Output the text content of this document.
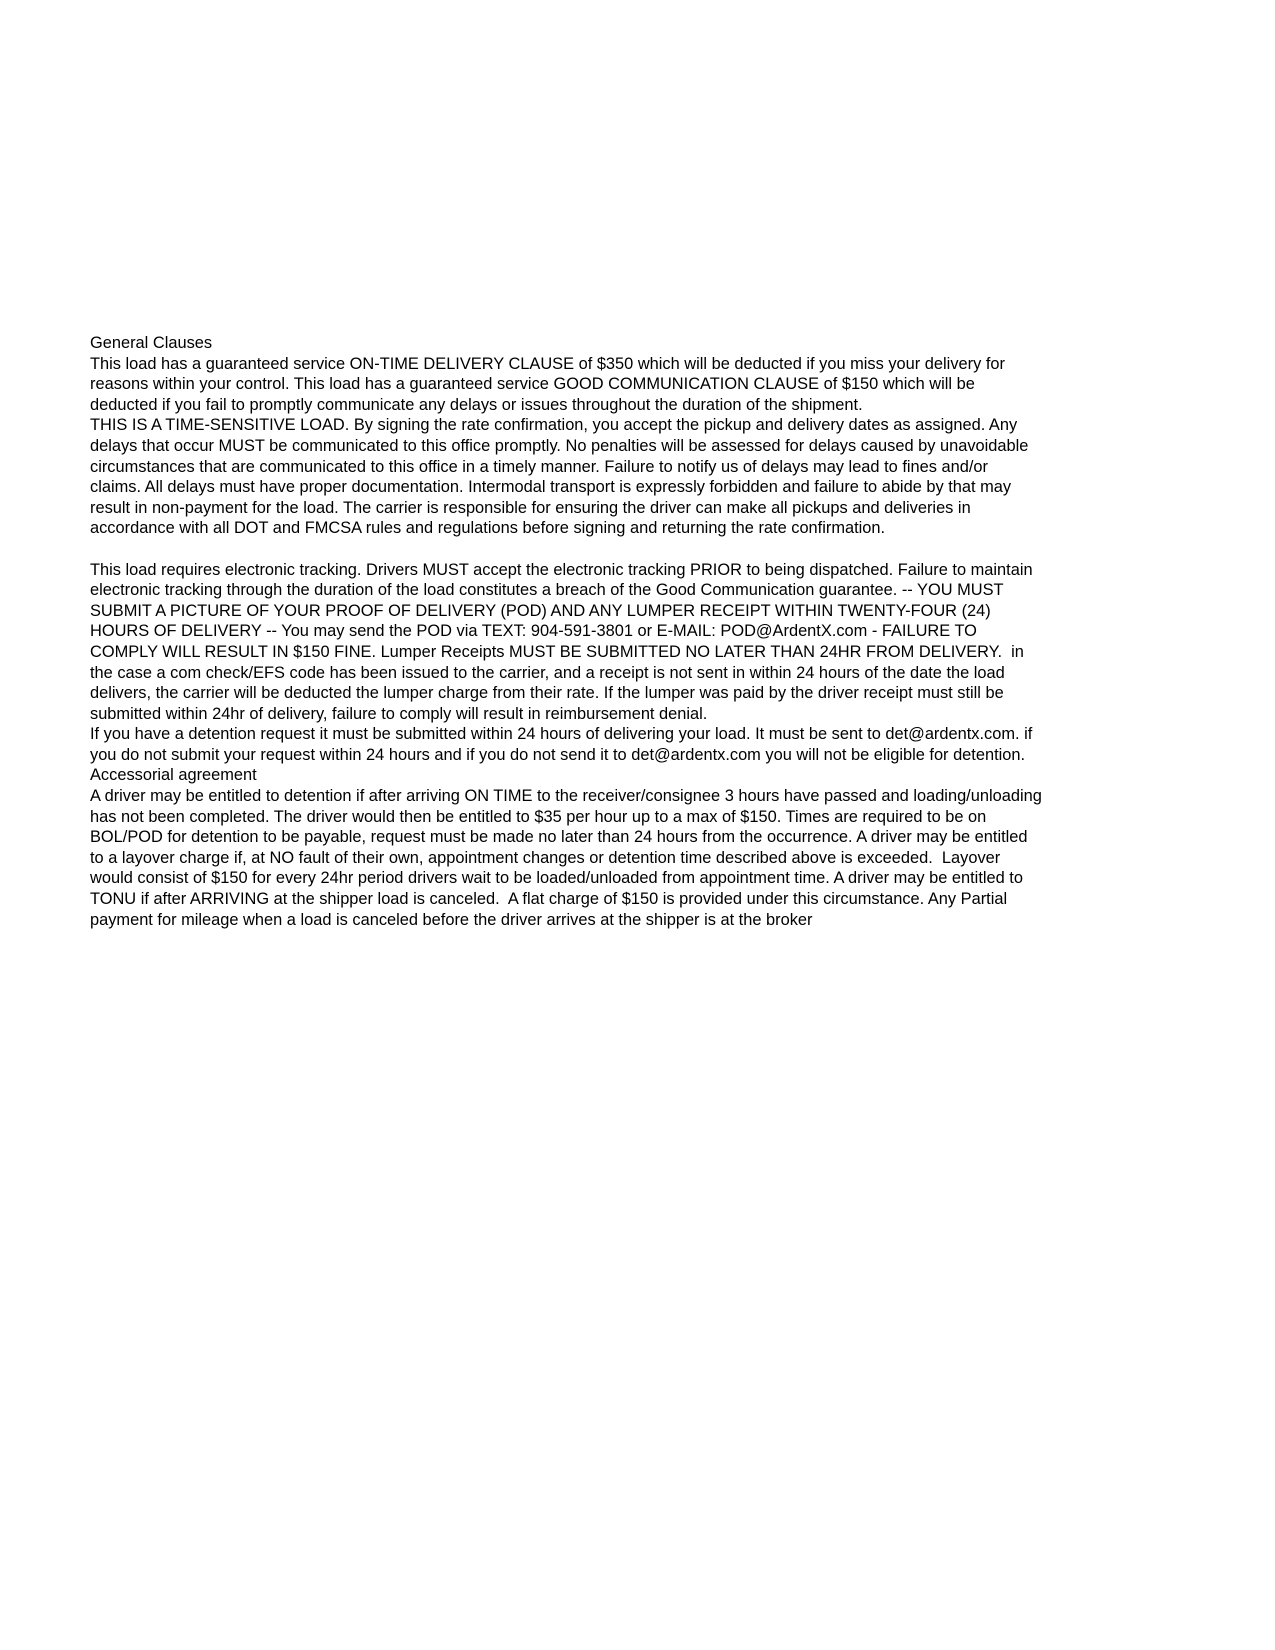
General Clauses
This load has a guaranteed service ON-TIME DELIVERY CLAUSE of $350 which will be deducted if you miss your delivery for
reasons within your control. This load has a guaranteed service GOOD COMMUNICATION CLAUSE of $150 which will be
deducted if you fail to promptly communicate any delays or issues throughout the duration of the shipment.
THIS IS A TIME-SENSITIVE LOAD. By signing the rate confirmation, you accept the pickup and delivery dates as assigned. Any
delays that occur MUST be communicated to this office promptly. No penalties will be assessed for delays caused by unavoidable
circumstances that are communicated to this office in a timely manner. Failure to notify us of delays may lead to fines and/or
claims. All delays must have proper documentation. Intermodal transport is expressly forbidden and failure to abide by that may
result in non-payment for the load. The carrier is responsible for ensuring the driver can make all pickups and deliveries in
accordance with all DOT and FMCSA rules and regulations before signing and returning the rate confirmation.
This load requires electronic tracking. Drivers MUST accept the electronic tracking PRIOR to being dispatched. Failure to maintain
electronic tracking through the duration of the load constitutes a breach of the Good Communication guarantee. -- YOU MUST
SUBMIT A PICTURE OF YOUR PROOF OF DELIVERY (POD) AND ANY LUMPER RECEIPT WITHIN TWENTY-FOUR (24)
HOURS OF DELIVERY -- You may send the POD via TEXT: 904-591-3801 or E-MAIL: POD@ArdentX.com - FAILURE TO
COMPLY WILL RESULT IN $150 FINE. Lumper Receipts MUST BE SUBMITTED NO LATER THAN 24HR FROM DELIVERY.  in
the case a com check/EFS code has been issued to the carrier, and a receipt is not sent in within 24 hours of the date the load
delivers, the carrier will be deducted the lumper charge from their rate. If the lumper was paid by the driver receipt must still be
submitted within 24hr of delivery, failure to comply will result in reimbursement denial.
If you have a detention request it must be submitted within 24 hours of delivering your load. It must be sent to det@ardentx.com. if
you do not submit your request within 24 hours and if you do not send it to det@ardentx.com you will not be eligible for detention.
Accessorial agreement
A driver may be entitled to detention if after arriving ON TIME to the receiver/consignee 3 hours have passed and loading/unloading
has not been completed. The driver would then be entitled to $35 per hour up to a max of $150. Times are required to be on
BOL/POD for detention to be payable, request must be made no later than 24 hours from the occurrence. A driver may be entitled
to a layover charge if, at NO fault of their own, appointment changes or detention time described above is exceeded.  Layover
would consist of $150 for every 24hr period drivers wait to be loaded/unloaded from appointment time. A driver may be entitled to
TONU if after ARRIVING at the shipper load is canceled.  A flat charge of $150 is provided under this circumstance. Any Partial
payment for mileage when a load is canceled before the driver arrives at the shipper is at the broker
